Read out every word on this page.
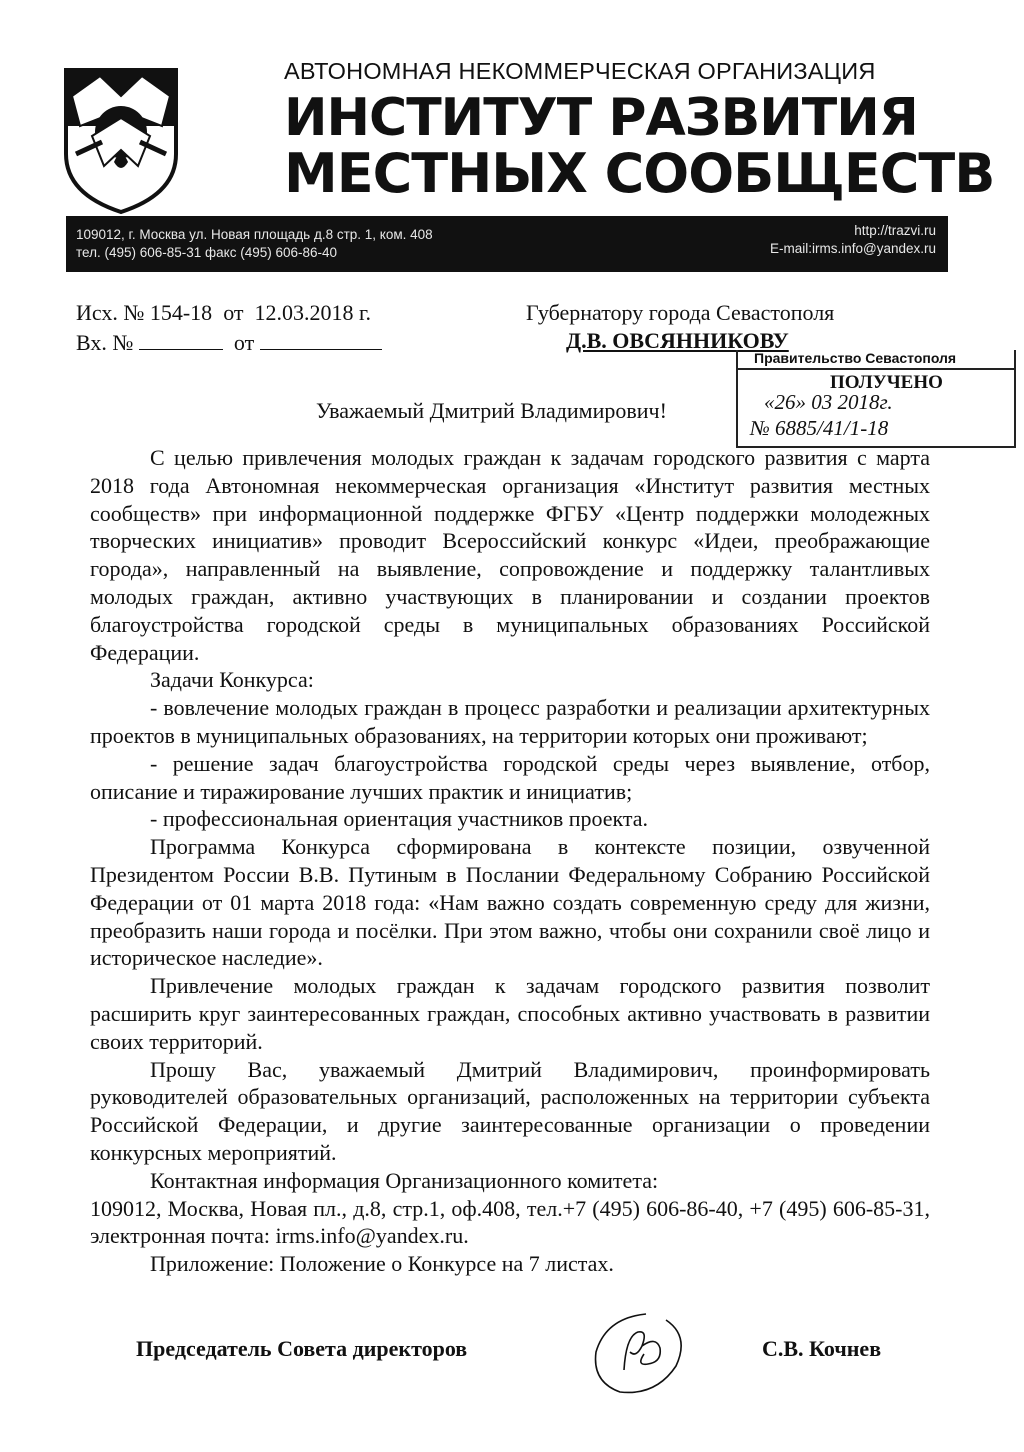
АВТОНОМНАЯ НЕКОММЕРЧЕСКАЯ ОРГАНИЗАЦИЯ
ИНСТИТУТ РАЗВИТИЯ
МЕСТНЫХ СООБЩЕСТВ
109012, г. Москва ул. Новая площадь д.8 стр. 1, ком. 408
тел. (495) 606-85-31 факс (495) 606-86-40
http://trazvi.ru
E-mail:irms.info@yandex.ru
Исх. № 154-18 от 12.03.2018 г.
Вх. №	от
Губернатору города Севастополя
Д.В. ОВСЯННИКОВУ
Правительство Севастополя
ПОЛУЧЕНО
«26» 03 2018г.
№ 6885/41/1-18
Уважаемый Дмитрий Владимирович!

С целью привлечения молодых граждан к задачам городского развития с марта 2018 года Автономная некоммерческая организация «Институт развития местных сообществ» при информационной поддержке ФГБУ «Центр поддержки молодежных творческих инициатив» проводит Всероссийский конкурс «Идеи, преображающие города», направленный на выявление, сопровождение и поддержку талантливых молодых граждан, активно участвующих в планировании и создании проектов благоустройства городской среды в муниципальных образованиях Российской Федерации.

Задачи Конкурса:

- вовлечение молодых граждан в процесс разработки и реализации архитектурных проектов в муниципальных образованиях, на территории которых они проживают;

- решение задач благоустройства городской среды через выявление, отбор, описание и тиражирование лучших практик и инициатив;

- профессиональная ориентация участников проекта.

Программа Конкурса сформирована в контексте позиции, озвученной Президентом России В.В. Путиным в Послании Федеральному Собранию Российской Федерации от 01 марта 2018 года: «Нам важно создать современную среду для жизни, преобразить наши города и посёлки. При этом важно, чтобы они сохранили своё лицо и историческое наследие».

Привлечение молодых граждан к задачам городского развития позволит расширить круг заинтересованных граждан, способных активно участвовать в развитии своих территорий.

Прошу Вас, уважаемый Дмитрий Владимирович, проинформировать руководителей образовательных организаций, расположенных на территории субъекта Российской Федерации, и другие заинтересованные организации о проведении конкурсных мероприятий.

Контактная информация Организационного комитета:

109012, Москва, Новая пл., д.8, стр.1, оф.408, тел.+7 (495) 606-86-40, +7 (495) 606-85-31, электронная почта: irms.info@yandex.ru.

Приложение: Положение о Конкурсе на 7 листах.

Председатель Совета директоров	С.В. Кочнев
